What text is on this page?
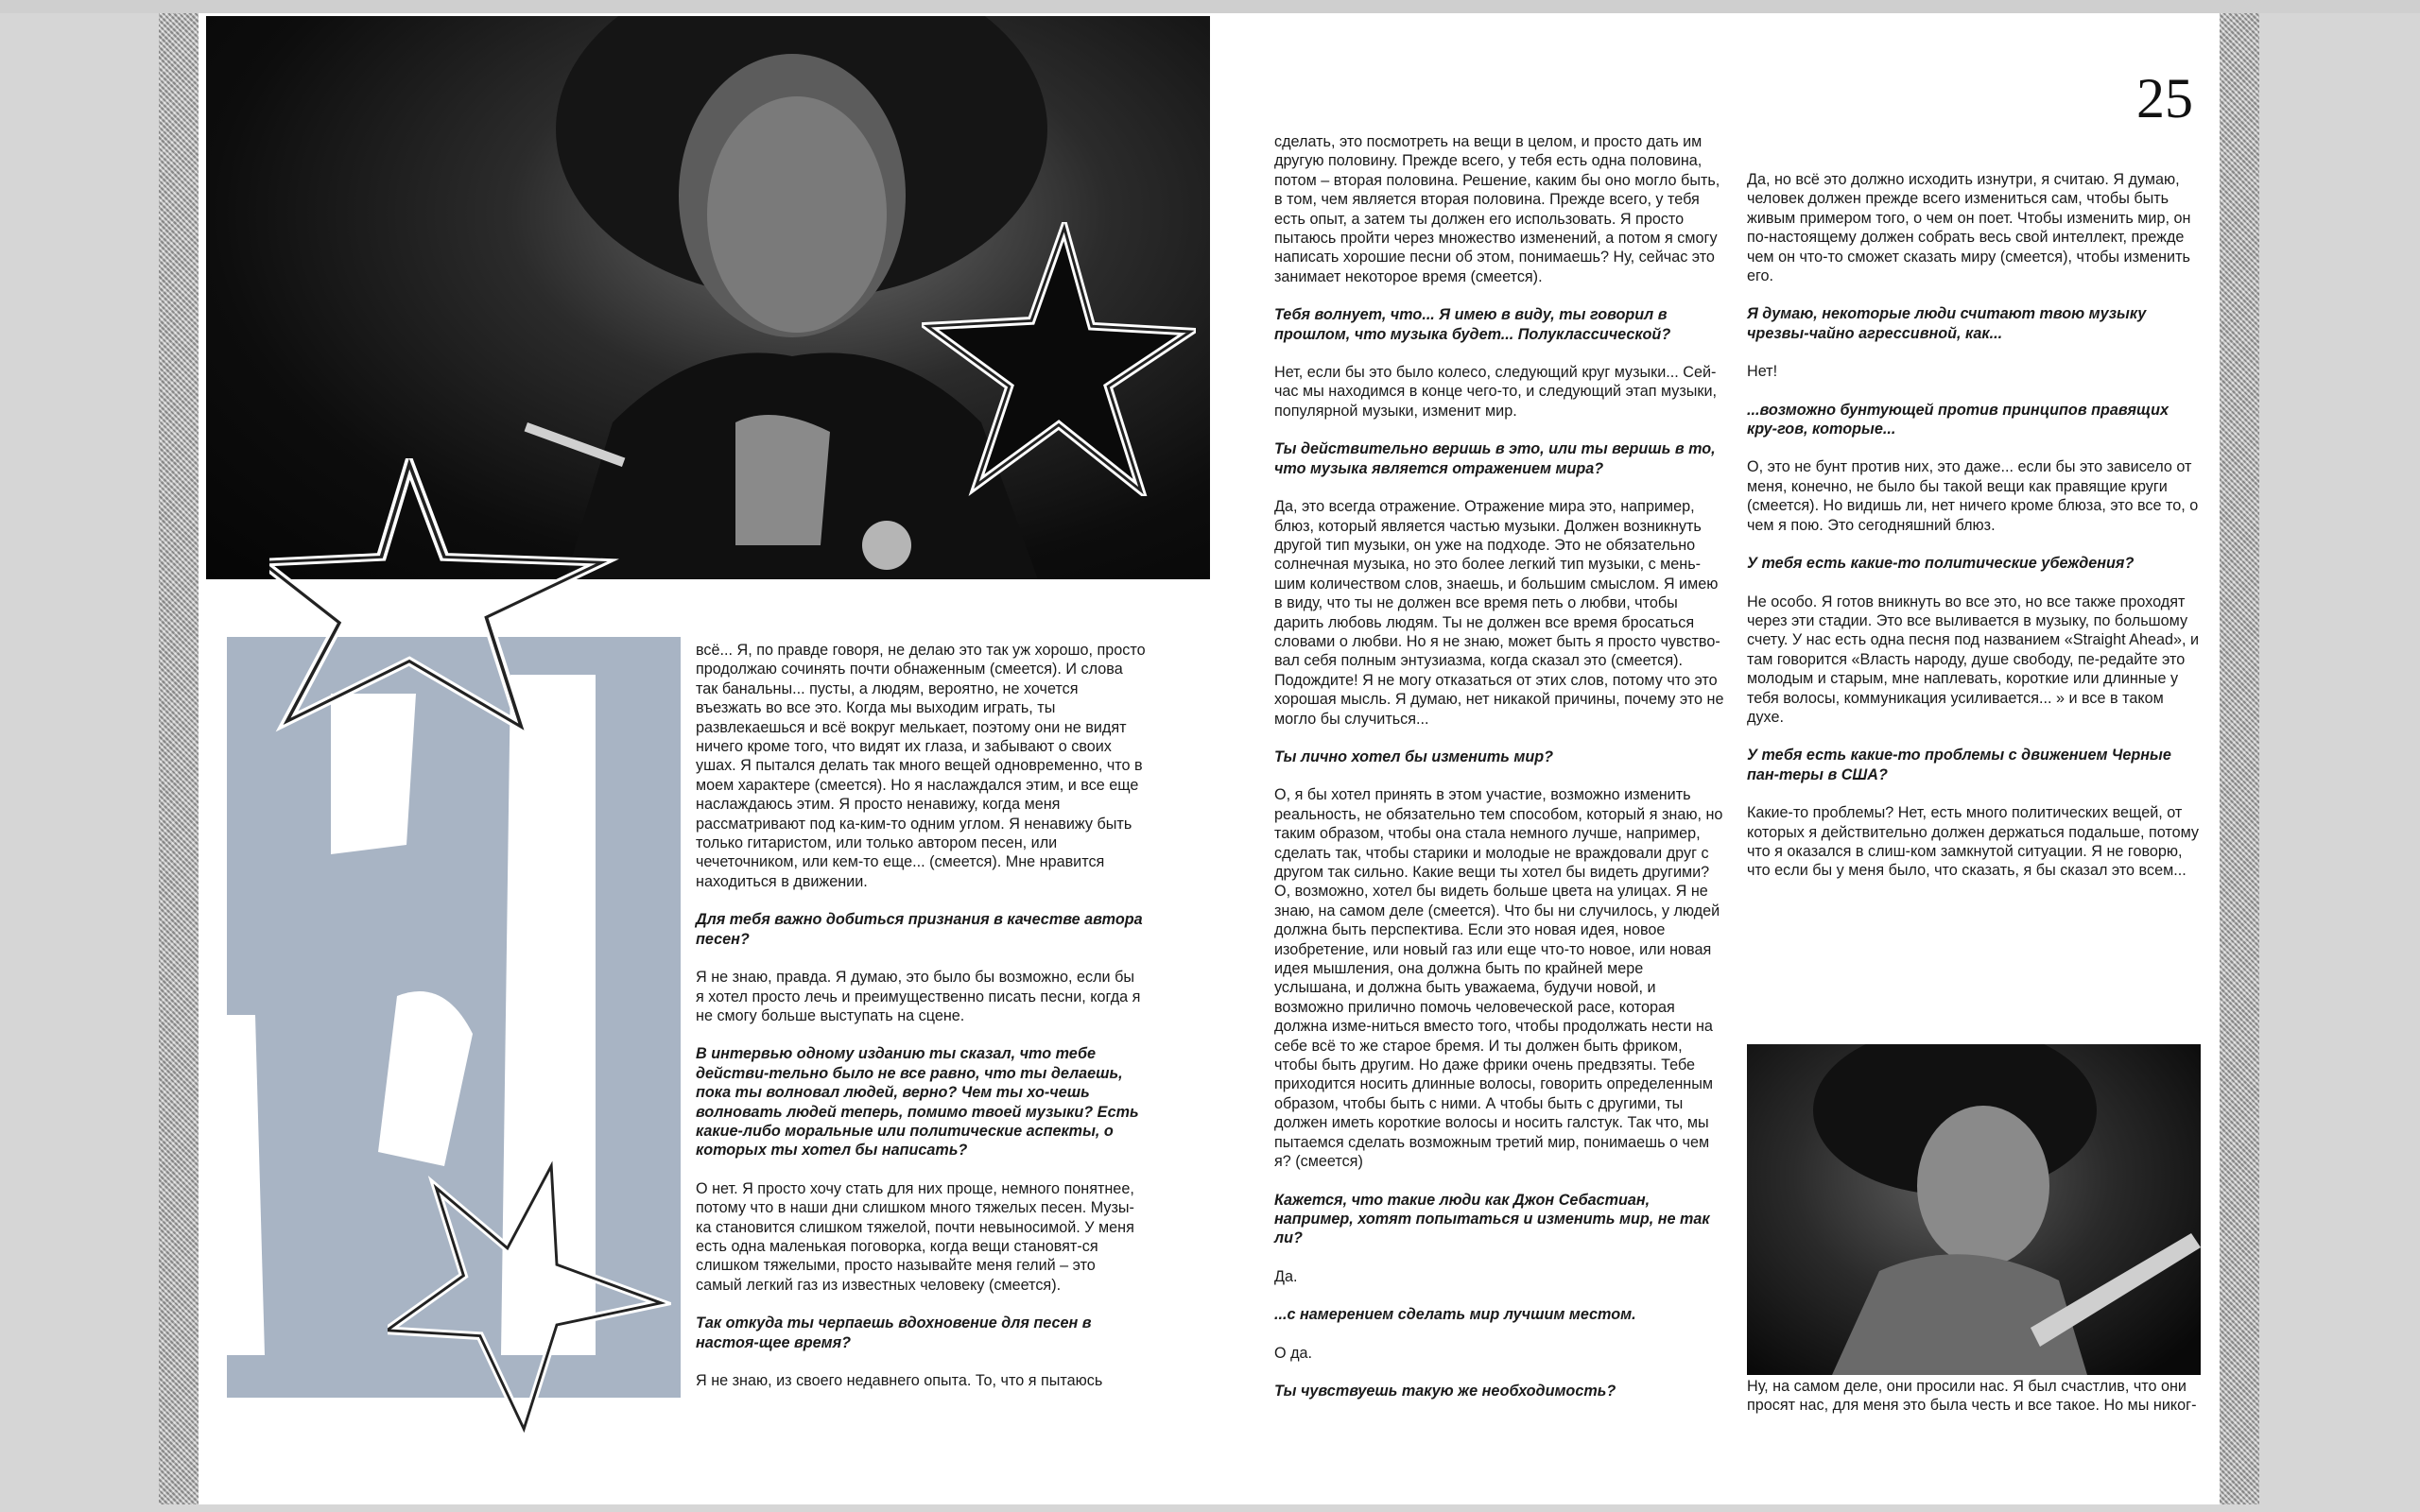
25

всё... Я, по правде говоря, не делаю это так уж хорошо, просто продолжаю сочинять почти обнаженным (смеется). И слова так банальны... пусты, а людям, вероятно, не хочется въезжать во все это. Когда мы выходим играть, ты развлекаешься и всё вокруг мелькает, поэтому они не видят ничего кроме того, что видят их глаза, и забывают о своих ушах. Я пытался делать так много вещей одновременно, что в моем характере (смеется). Но я наслаждался этим, и все еще наслаждаюсь этим. Я просто ненавижу, когда меня рассматривают под ка-ким-то одним углом. Я ненавижу быть только гитаристом, или только автором песен, или чечеточником, или кем-то еще... (смеется). Мне нравится находиться в движении.

Для тебя важно добиться признания в качестве автора песен?

Я не знаю, правда. Я думаю, это было бы возможно, если бы я хотел просто лечь и преимущественно писать песни, когда я не смогу больше выступать на сцене.

В интервью одному изданию ты сказал, что тебе действи-тельно было не все равно, что ты делаешь, пока ты волновал людей, верно? Чем ты хо-чешь волновать людей теперь, помимо твоей музыки? Есть какие-либо моральные или политические аспекты, о которых ты хотел бы написать?

О нет. Я просто хочу стать для них проще, немного понятнее, потому что в наши дни слишком много тяжелых песен. Музы-ка становится слишком тяжелой, почти невыносимой. У меня есть одна маленькая поговорка, когда вещи становят-ся слишком тяжелыми, просто называйте меня гелий – это самый легкий газ из известных человеку (смеется).

Так откуда ты черпаешь вдохновение для песен в настоя-щее время?

Я не знаю, из своего недавнего опыта. То, что я пытаюсь

сделать, это посмотреть на вещи в целом, и просто дать им другую половину. Прежде всего, у тебя есть одна половина, потом – вторая половина. Решение, каким бы оно могло быть, в том, чем является вторая половина. Прежде всего, у тебя есть опыт, а затем ты должен его использовать. Я просто пытаюсь пройти через множество изменений, а потом я смогу написать хорошие песни об этом, понимаешь? Ну, сейчас это занимает некоторое время (смеется).

Тебя волнует, что... Я имею в виду, ты говорил в прошлом, что музыка будет... Полуклассической?

Нет, если бы это было колесо, следующий круг музыки... Сей-час мы находимся в конце чего-то, и следующий этап музыки, популярной музыки, изменит мир.

Ты действительно веришь в это, или ты веришь в то, что музыка является отражением мира?

Да, это всегда отражение. Отражение мира это, например, блюз, который является частью музыки. Должен возникнуть другой тип музыки, он уже на подходе. Это не обязательно солнечная музыка, но это более легкий тип музыки, с мень-шим количеством слов, знаешь, и большим смыслом. Я имею в виду, что ты не должен все время петь о любви, чтобы дарить любовь людям. Ты не должен все время бросаться словами о любви. Но я не знаю, может быть я просто чувство-вал себя полным энтузиазма, когда сказал это (смеется). Подождите! Я не могу отказаться от этих слов, потому что это хорошая мысль. Я думаю, нет никакой причины, почему это не могло бы случиться...

Ты лично хотел бы изменить мир?

О, я бы хотел принять в этом участие, возможно изменить реальность, не обязательно тем способом, который я знаю, но таким образом, чтобы она стала немного лучше, например, сделать так, чтобы старики и молодые не враждовали друг с другом так сильно. Какие вещи ты хотел бы видеть другими? О, возможно, хотел бы видеть больше цвета на улицах. Я не знаю, на самом деле (смеется). Что бы ни случилось, у людей должна быть перспектива. Если это новая идея, новое изобретение, или новый газ или еще что-то новое, или новая идея мышления, она должна быть по крайней мере услышана, и должна быть уважаема, будучи новой, и возможно прилично помочь человеческой расе, которая должна изме-ниться вместо того, чтобы продолжать нести на себе всё то же старое бремя. И ты должен быть фриком, чтобы быть другим. Но даже фрики очень предвзяты. Тебе приходится носить длинные волосы, говорить определенным образом, чтобы быть с ними. А чтобы быть с другими, ты должен иметь короткие волосы и носить галстук. Так что, мы пытаемся сделать возможным третий мир, понимаешь о чем я? (смеется)

Кажется, что такие люди как Джон Себастиан, например, хотят попытаться и изменить мир, не так ли?

Да.

...с намерением сделать мир лучшим местом.

О да.

Ты чувствуешь такую же необходимость?

Да, но всё это должно исходить изнутри, я считаю. Я думаю, человек должен прежде всего измениться сам, чтобы быть живым примером того, о чем он поет. Чтобы изменить мир, он по-настоящему должен собрать весь свой интеллект, прежде чем он что-то сможет сказать миру (смеется), чтобы изменить его.

Я думаю, некоторые люди считают твою музыку чрезвы-чайно агрессивной, как...

Нет!

...возможно бунтующей против принципов правящих кру-гов, которые...

О, это не бунт против них, это даже... если бы это зависело от меня, конечно, не было бы такой вещи как правящие круги (смеется). Но видишь ли, нет ничего кроме блюза, это все то, о чем я пою. Это сегодняшний блюз.

У тебя есть какие-то политические убеждения?

Не особо. Я готов вникнуть во все это, но все также проходят через эти стадии. Это все выливается в музыку, по большому счету. У нас есть одна песня под названием «Straight Ahead», и там говорится «Власть народу, душе свободу, пе-редайте это молодым и старым, мне наплевать, короткие или длинные у тебя волосы, коммуникация усиливается... » и все в таком духе.

У тебя есть какие-то проблемы с движением Черные пан-теры в США?

Какие-то проблемы? Нет, есть много политических вещей, от которых я действительно должен держаться подальше, потому что я оказался в слиш-ком замкнутой ситуации. Я не говорю, что если бы у меня было, что сказать, я бы сказал это всем...

Ну, на самом деле, они просили нас. Я был счастлив, что они просят нас, для меня это была честь и все такое. Но мы никог-
